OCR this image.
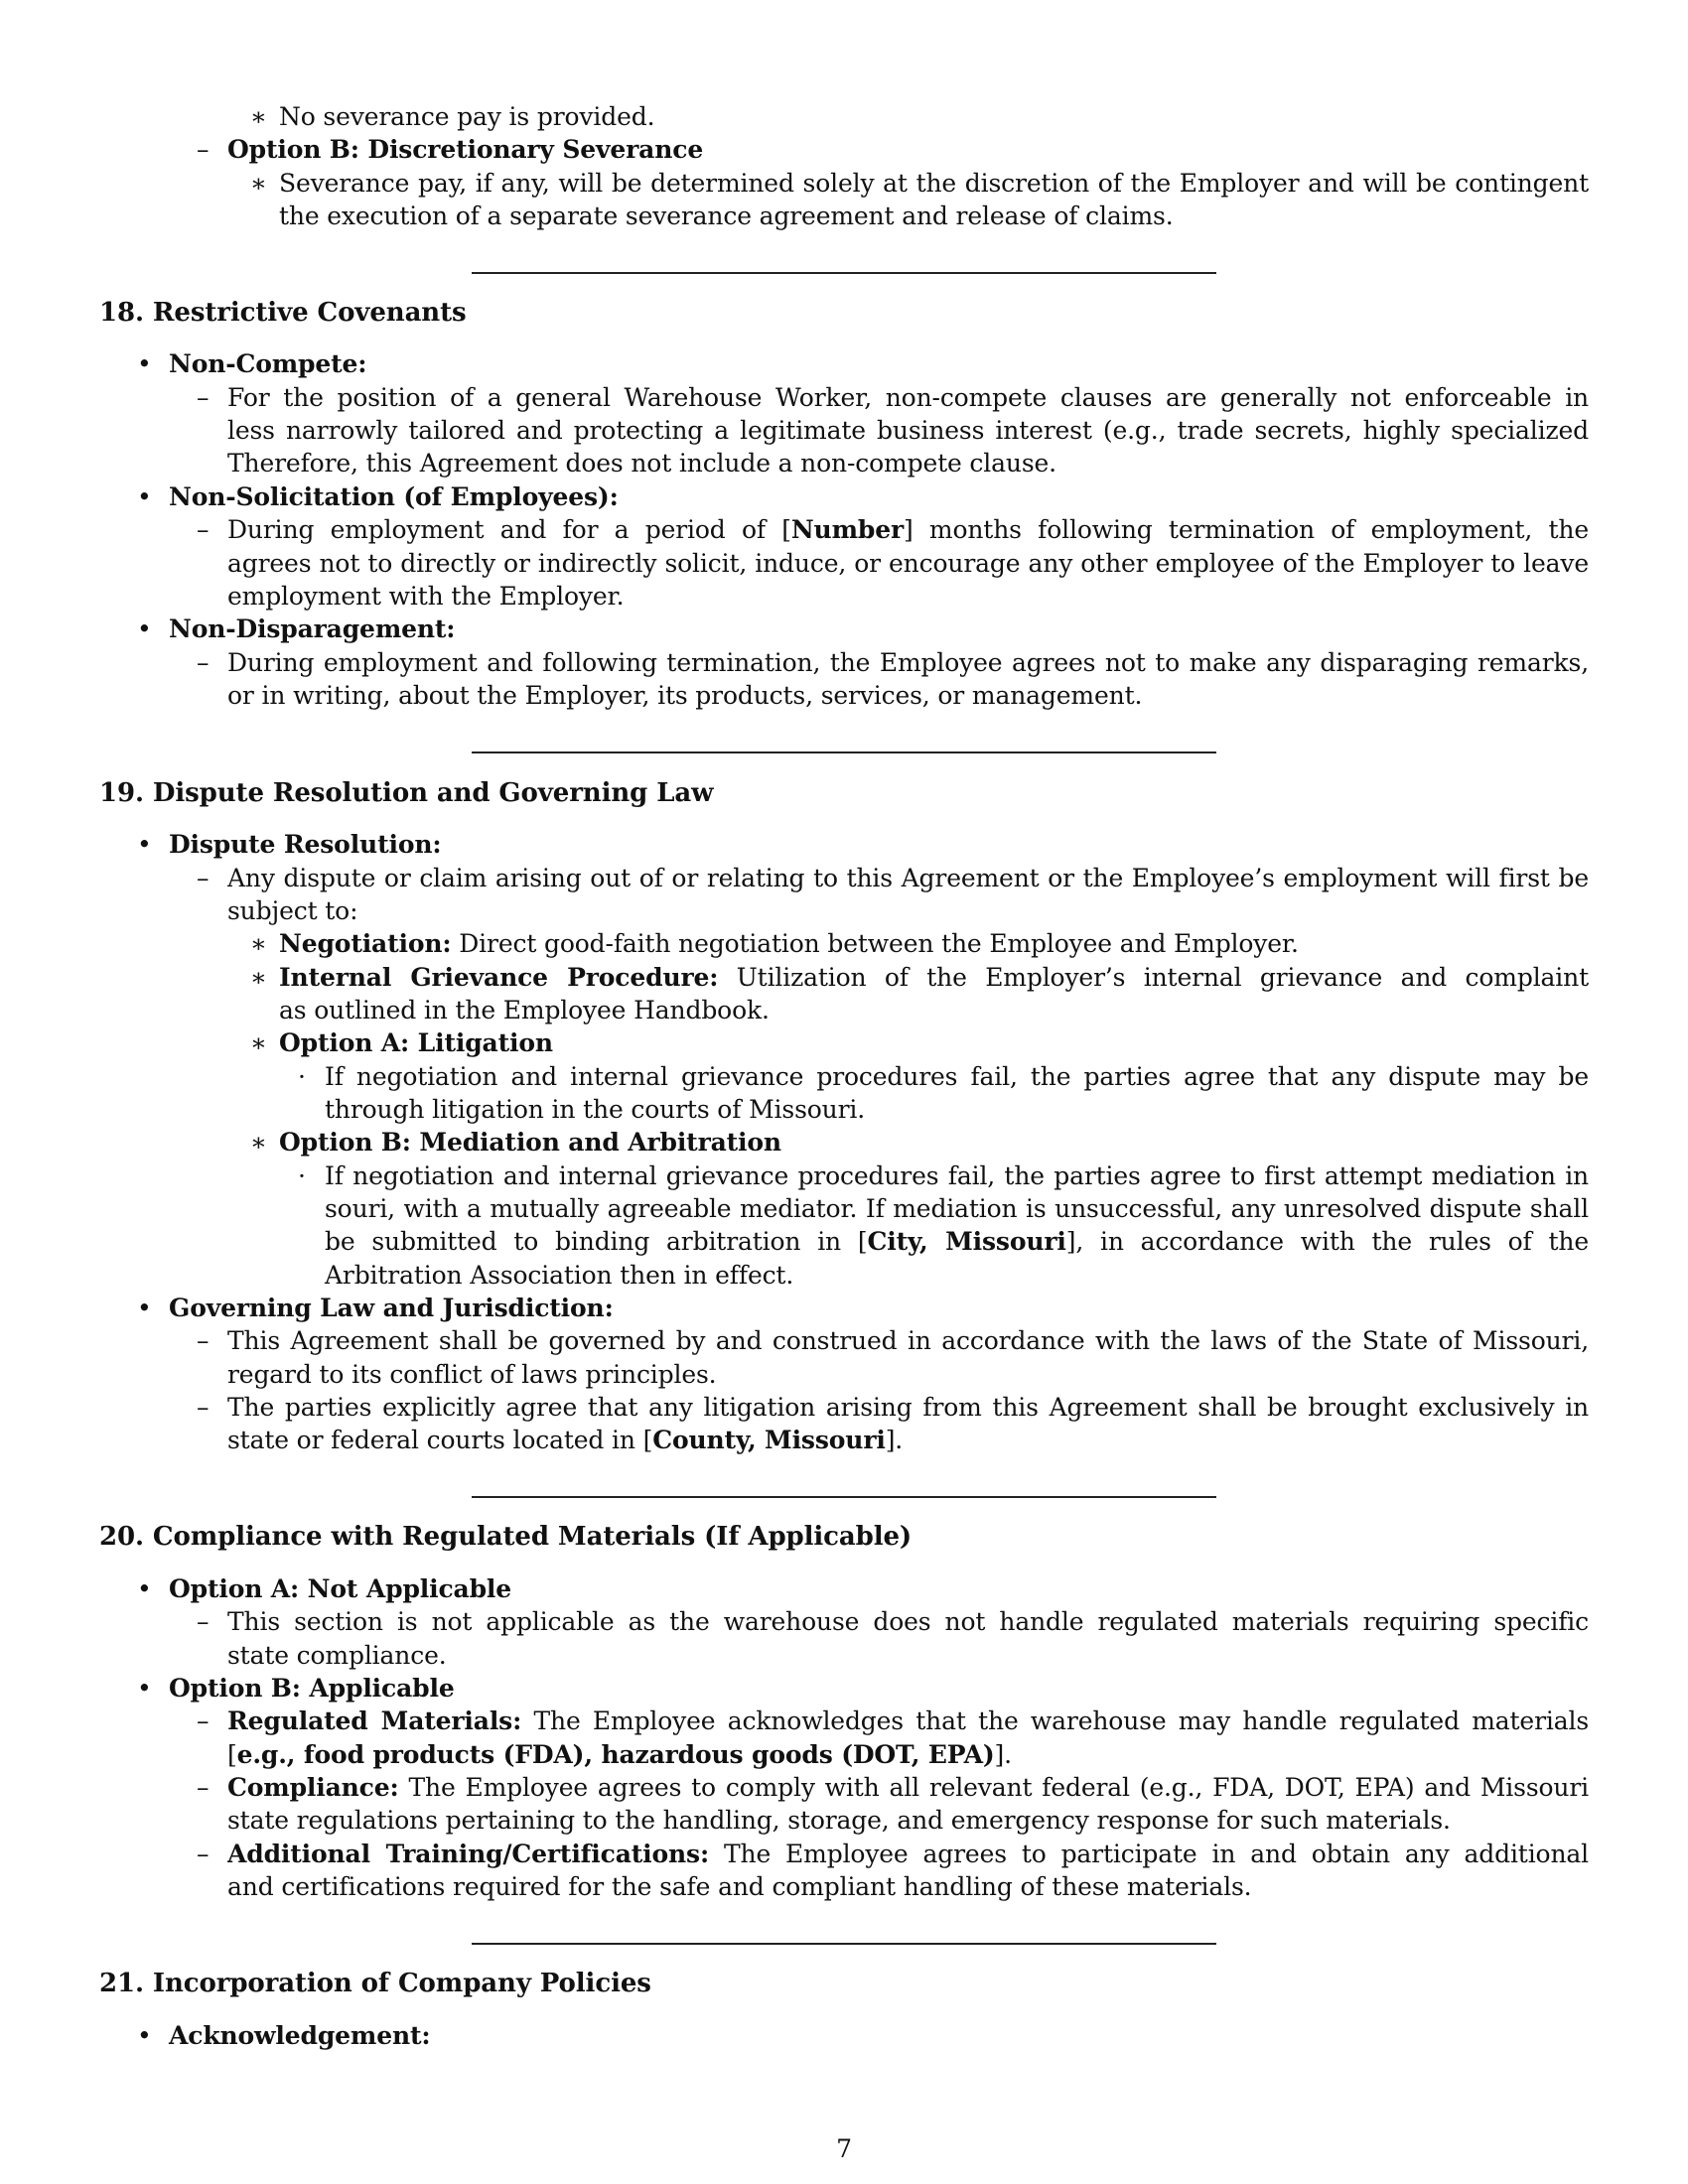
∗ No severance pay is provided.

– Option B: Discretionary Severance

∗ Severance pay, if any, will be determined solely at the discretion of the Employer and will be contingent

the execution of a separate severance agreement and release of claims.

18. Restrictive Covenants

• Non-Compete:

– For the position of a general Warehouse Worker, non-compete clauses are generally not enforceable in

less narrowly tailored and protecting a legitimate business interest (e.g., trade secrets, highly specialized

Therefore, this Agreement does not include a non-compete clause.

• Non-Solicitation (of Employees):

– During employment and for a period of [Number] months following termination of employment, the

agrees not to directly or indirectly solicit, induce, or encourage any other employee of the Employer to leave

employment with the Employer.

• Non-Disparagement:

– During employment and following termination, the Employee agrees not to make any disparaging remarks,

or in writing, about the Employer, its products, services, or management.

19. Dispute Resolution and Governing Law

• Dispute Resolution:

– Any dispute or claim arising out of or relating to this Agreement or the Employee’s employment will first be

subject to:

∗ Negotiation: Direct good-faith negotiation between the Employee and Employer.

∗ Internal Grievance Procedure: Utilization of the Employer’s internal grievance and complaint

as outlined in the Employee Handbook.

∗ Option A: Litigation

· If negotiation and internal grievance procedures fail, the parties agree that any dispute may be

through litigation in the courts of Missouri.

∗ Option B: Mediation and Arbitration

· If negotiation and internal grievance procedures fail, the parties agree to first attempt mediation in

souri, with a mutually agreeable mediator. If mediation is unsuccessful, any unresolved dispute shall

be submitted to binding arbitration in [City, Missouri], in accordance with the rules of the

Arbitration Association then in effect.

• Governing Law and Jurisdiction:

– This Agreement shall be governed by and construed in accordance with the laws of the State of Missouri,

regard to its conflict of laws principles.

– The parties explicitly agree that any litigation arising from this Agreement shall be brought exclusively in

state or federal courts located in [County, Missouri].

20. Compliance with Regulated Materials (If Applicable)

• Option A: Not Applicable

– This section is not applicable as the warehouse does not handle regulated materials requiring specific

state compliance.

• Option B: Applicable

– Regulated Materials: The Employee acknowledges that the warehouse may handle regulated materials

[e.g., food products (FDA), hazardous goods (DOT, EPA)].

– Compliance: The Employee agrees to comply with all relevant federal (e.g., FDA, DOT, EPA) and Missouri

state regulations pertaining to the handling, storage, and emergency response for such materials.

– Additional Training/Certifications: The Employee agrees to participate in and obtain any additional

and certifications required for the safe and compliant handling of these materials.

21. Incorporation of Company Policies

• Acknowledgement:

7
